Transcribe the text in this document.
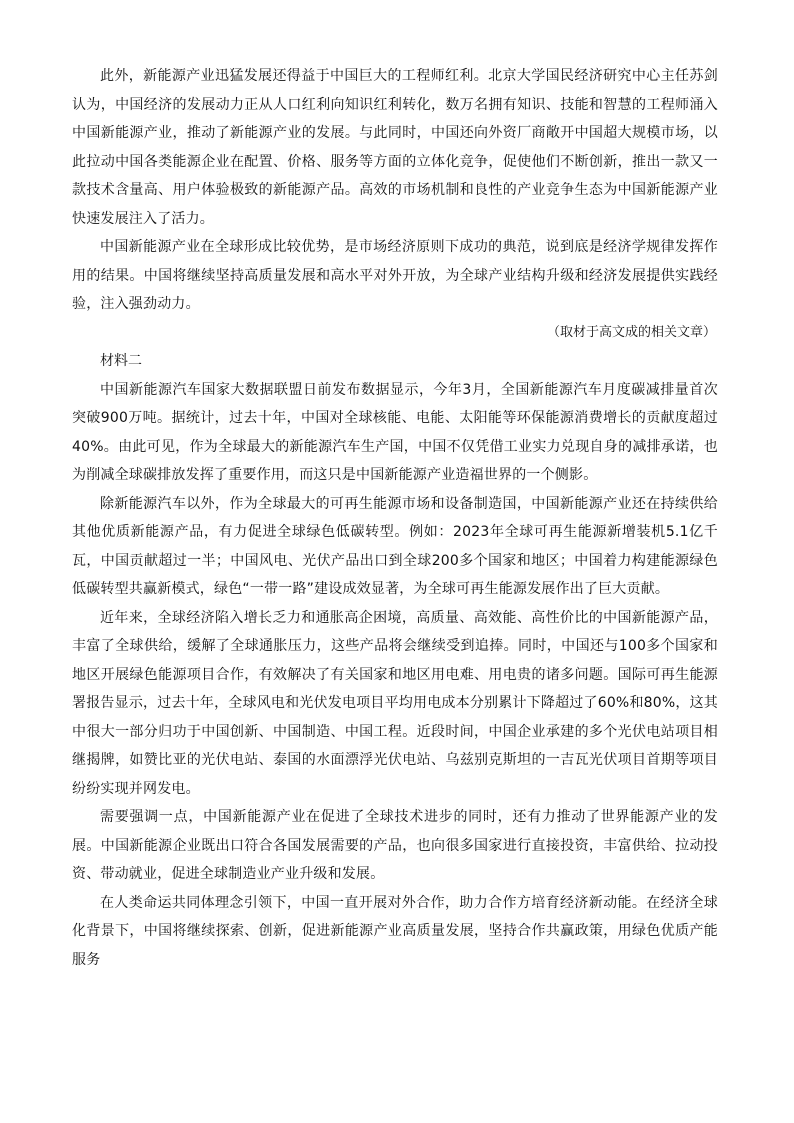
此外，新能源产业迅猛发展还得益于中国巨大的工程师红利。北京大学国民经济研究中心主任苏剑认为，中国经济的发展动力正从人口红利向知识红利转化，数万名拥有知识、技能和智慧的工程师涌入中国新能源产业，推动了新能源产业的发展。与此同时，中国还向外资厂商敞开中国超大规模市场，以此拉动中国各类能源企业在配置、价格、服务等方面的立体化竞争，促使他们不断创新，推出一款又一款技术含量高、用户体验极致的新能源产品。高效的市场机制和良性的产业竞争生态为中国新能源产业快速发展注入了活力。

中国新能源产业在全球形成比较优势，是市场经济原则下成功的典范，说到底是经济学规律发挥作用的结果。中国将继续坚持高质量发展和高水平对外开放，为全球产业结构升级和经济发展提供实践经验，注入强劲动力。

（取材于高文成的相关文章）

材料二

中国新能源汽车国家大数据联盟日前发布数据显示，今年3月，全国新能源汽车月度碳减排量首次突破900万吨。据统计，过去十年，中国对全球核能、电能、太阳能等环保能源消费增长的贡献度超过40%。由此可见，作为全球最大的新能源汽车生产国，中国不仅凭借工业实力兑现自身的减排承诺，也为削减全球碳排放发挥了重要作用，而这只是中国新能源产业造福世界的一个侧影。

除新能源汽车以外，作为全球最大的可再生能源市场和设备制造国，中国新能源产业还在持续供给其他优质新能源产品，有力促进全球绿色低碳转型。例如：2023年全球可再生能源新增装机5.1亿千瓦，中国贡献超过一半；中国风电、光伏产品出口到全球200多个国家和地区；中国着力构建能源绿色低碳转型共赢新模式，绿色“一带一路”建设成效显著，为全球可再生能源发展作出了巨大贡献。

近年来，全球经济陷入增长乏力和通胀高企困境，高质量、高效能、高性价比的中国新能源产品，丰富了全球供给，缓解了全球通胀压力，这些产品将会继续受到追捧。同时，中国还与100多个国家和地区开展绿色能源项目合作，有效解决了有关国家和地区用电难、用电贵的诸多问题。国际可再生能源署报告显示，过去十年，全球风电和光伏发电项目平均用电成本分别累计下降超过了60%和80%，这其中很大一部分归功于中国创新、中国制造、中国工程。近段时间，中国企业承建的多个光伏电站项目相继揭牌，如赞比亚的光伏电站、泰国的水面漂浮光伏电站、乌兹别克斯坦的一吉瓦光伏项目首期等项目纷纷实现并网发电。

需要强调一点，中国新能源产业在促进了全球技术进步的同时，还有力推动了世界能源产业的发展。中国新能源企业既出口符合各国发展需要的产品，也向很多国家进行直接投资，丰富供给、拉动投资、带动就业，促进全球制造业产业升级和发展。

在人类命运共同体理念引领下，中国一直开展对外合作，助力合作方培育经济新动能。在经济全球化背景下，中国将继续探索、创新，促进新能源产业高质量发展，坚持合作共赢政策，用绿色优质产能服务
